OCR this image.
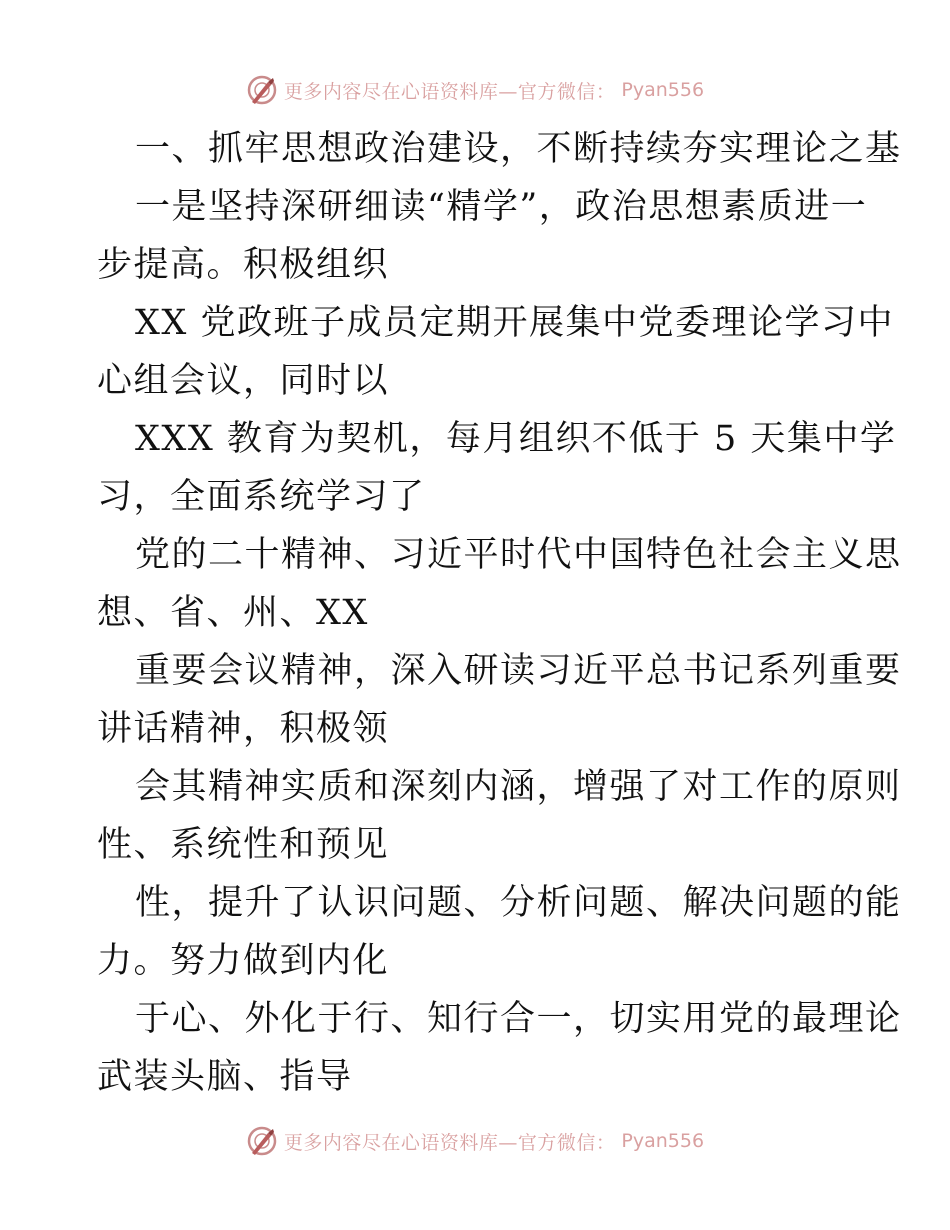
更多内容尽在心语资料库—官方微信： Pyan556
一、抓牢思想政治建设，不断持续夯实理论之基
一是坚持深研细读“精学”，政治思想素质进一
步提高。积极组织
XX 党政班子成员定期开展集中党委理论学习中
心组会议，同时以
XXX 教育为契机，每月组织不低于 5 天集中学
习，全面系统学习了
党的二十精神、习近平时代中国特色社会主义思
想、省、州、XX
重要会议精神，深入研读习近平总书记系列重要
讲话精神，积极领
会其精神实质和深刻内涵，增强了对工作的原则
性、系统性和预见
性，提升了认识问题、分析问题、解决问题的能
力。努力做到内化
于心、外化于行、知行合一，切实用党的最理论
武装头脑、指导
更多内容尽在心语资料库—官方微信： Pyan556
